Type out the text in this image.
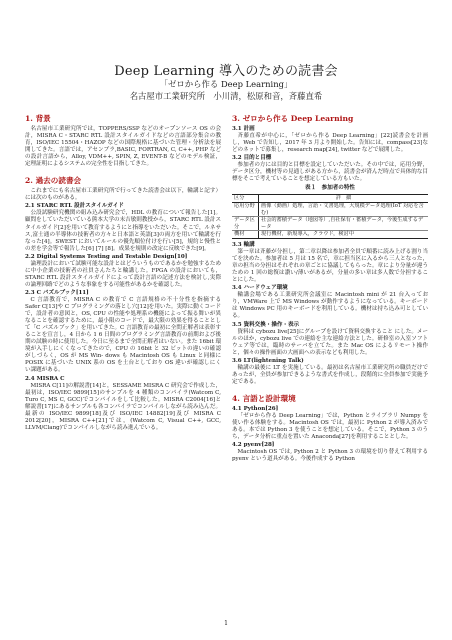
Deep Learning 導入のための読書会
「ゼロから作る Deep Learning」
名古屋市工業研究所　小川清，松原和音，斉藤直希
1. 背景
名古屋市工業研究所では，TOPPERS/SSP などのオープンソース OS の会計，MISRA C・STARC RTL 設計スタイルガイドなどの言語部分集合の教育，ISO/IEC 15504・HAZOP などの国際規格に基づいた管理・分析法を展開してきた。言語では，アセンブラ,BASIC, FORTRAN, C, C++, PHP などの設計言語から，Alloy, VDM++, SPIN, Z, EVENT-B などのモデル検証，定理証明によるシステムの完全性を目指してきた。
2. 過去の読書会
これまでにも名古屋市工業研究所で行ってきた読書会は以下，輪講と記す）には次のものがある。
2.1 STARC RTL 設計スタイルガイド
公設試験研究機関の組み込み研究会で，HDL の教育について報告した[1]。顧問をしていただいている熊本大学の末吉敏則教授から，STARC RTL 設計スタイルガイド[2]を用いて教育するようにと指導をいただいた。そこで，ルネサス,富士通の半導体の技術者の方々と日本語と英語[3]の両方を用いて輪講を行なった[4]。SWEST においてルールの優先順位付けを行い[5]，規約と慢性との差を学会等で報告した[6] [7] [8]。成果を規則の改定に反映できた[9]。
2.2 Digital Systems Testing and Testable Design[10]
論理設計において試験可能な設計とはどういうものであるかを勉強するために中小企業の技術者の社員さんたちと輪講した。FPGA の設計においても，STARC RTL 設計スタイルガイドによって設計言語の記述方法を検討し,実際の論理回路でどのような事象をする可能性があるかを確認した。
2.3 C パズルブック[11]
C 言語教育で，MISRA C の教育で C 言語規格の不十分性を指摘する Safer C[13]や C プログラミングの落とし穴[12]を用いた。実際に動くコードで，設計者の意図と，OS, CPU の性能や処理系の機能によって振る舞いが異なることを確認するために，最小限のコードで，最大限の効果を得ることとして「C パズルブック」を用いてきた。C 言語教育の最初に全問正解者は表彰することを宣言し，4 日から 1 6 日間のプログラミング言語教育の前期および後期の試験の時に使用した。今日に至るまで全問正解者はいない。また 16bit 環境が入手しにくくなってきたので，CPU の 16bit と 32 ビットの違いの確認がしづらく，OS が MS Win- dows も Macintosh OS も Linux と同様に POSIX に基づいた UNIX 系の OS を土台としており OS 違いが確認しにくい課題がある。
2.4 MISRA C
MISRA C[11]の解説書[14]と，SESSAME MISRA C 研究会で作成した，最初は，ISO/IEC 9899[15]のサンプルを 4 種類のコンパイラ(Watcom C, Turo C, MS C, GCC)でコンパイルをして比較した。MISRA C2004[16]と解説書[17]にあるサンプルも各コンパイラでコンパイルしながら読み込んだ。最新の ISO/IEC 9899[18]及び ISO/IEC 14882[19]及び MISRA C 2012[20]，MISRA C++[21]では，(Watcom C, Visual C++, GCC, LLVM/Clang)でコンパイルしながら読み進んでいる。
3. ゼロから作る Deep Learning
3.1 計画
斉藤直希が中心に，「ゼロから作る Deep Learning」[22]読書会を計画し，Web で告知し，2017 年 3 月より開始した。告知には，compass[23]などのネットで募集し，research map[24], twitter などで展開した。
3.2 目的と目標
参加者の方には目的と目標を設定していただいた。その中では，応用分野，データ区分，機材等の見通しがある方から，読書会が済んだ時点で具体的な目標をそこで考えていることを想定している方もいた。
表１　参加者の特性
区分	詳　細
応用分野	画像（動画）処理，言語・文書処理，大規模データ処理(IoT 対応を含む)
データ区分	社会的蓄積データ（地図等）,自社保有・蓄積データ，今後生成するデータ
機材	現行機材，新規導入，クラウド，検討中
3.3 輪講
第一章は斉藤が分担し，第二章以降は参加者全員で順番に読み上げる割り当てを決めた。参加者は 5 月は 15 名で，章に担当区に入るから三人となった，章の担当の分担はそれぞれの章ごとに協議してもらった。章により分量が違うための 1 回の総復は讃い/薄いがあるが，分量の多い章は多人数で分担することにした。
3.4 ハードウェア環境
輪講会場である工業研究所会議室に Macintosh mini が 21 台入っており，VMWare 上で MS Windows が動作するようになっている。キーボードは Windows PC 用のキーボードを利用している。機材は持ち込み可としている。
3.5 資料交換・操作・表示
資料は cybozu live[25]にグループを設けて資料交換すること にした。メールのほか，cybozu live での連絡を主な連絡方法とした。研修室の入室ソフトウェア等では，臨時のサーバを立てた。また Mac OS によるリモート操作と，個々の操作画面の大画面への表示なども利用した。
3.6 LT(lightening Talk)
輪講の最後に LT を実施している。最初は名古屋市工業研究所の職員だけであったが，全員が参加できるような書式を作成し，段階的に全員参加で実施予定である。
4. 言語と設計環境
4.1 Python[26]
「ゼロから作る Deep Learning」では，Python とライブラリ Numpy を使い作る体験をする。Macintosh OS では，最初に Python 2 が導入済みである。本では Python 3 を使うことを想定している。そこで，Python 3 のうち，データ分析に重点を置いた Anaconda[27]を利用することとした。
4.2 pyenv[28]
Macintosh OS では, Python 2 と Python 3 の環境を切り替えて利用する pyenv という道具がある。今後作成する Python
1
